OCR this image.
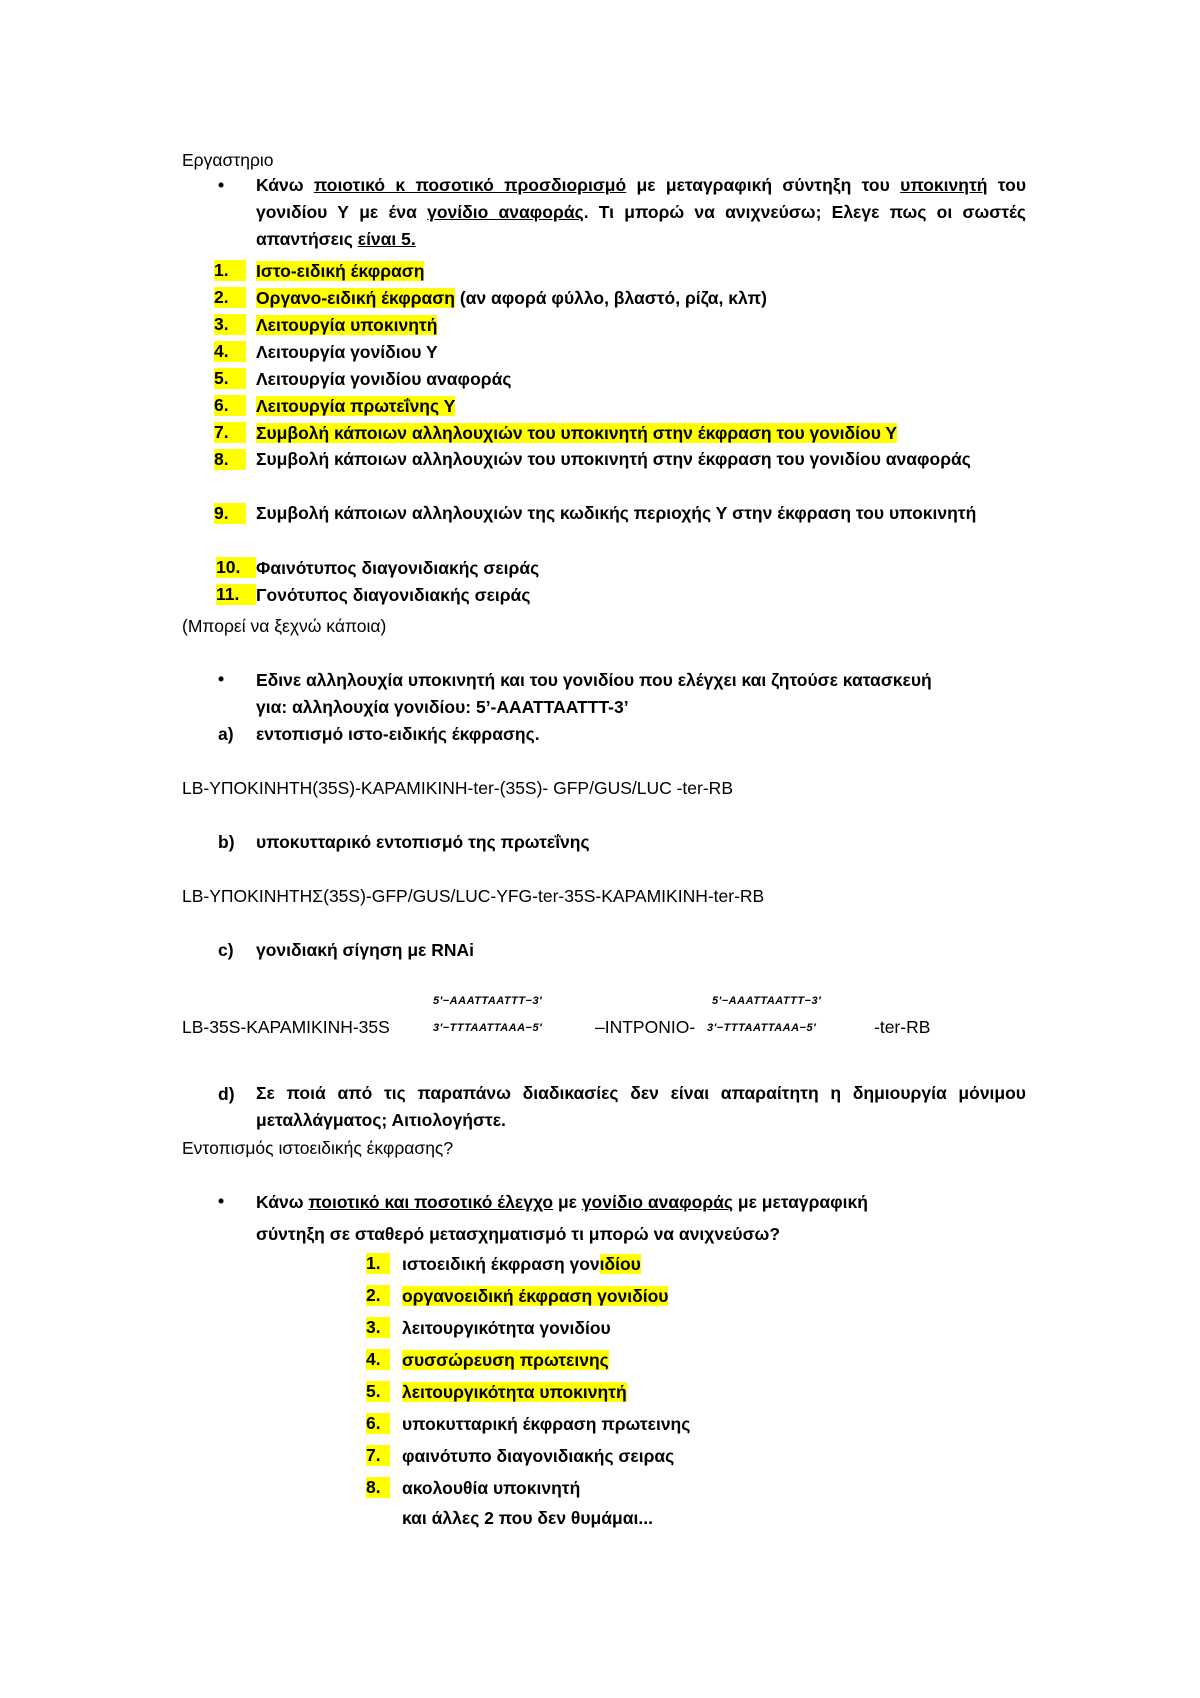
Εργαστηριο
• Κάνω ποιοτικό κ ποσοτικό προσδιορισμό με μεταγραφική σύντηξη του υποκινητή του γονιδίου Υ με ένα γονίδιο αναφοράς. Τι μπορώ να ανιχνεύσω; Ελεγε πως οι σωστές απαντήσεις είναι 5.
1.	Ιστο-ειδική έκφραση
2.	Οργανο-ειδική έκφραση (αν αφορά φύλλο, βλαστό, ρίζα, κλπ)
3.	Λειτουργία υποκινητή
4.	Λειτουργία γονίδιου Υ
5.	Λειτουργία γονιδίου αναφοράς
6.	Λειτουργία πρωτεΐνης Υ
7.	Συμβολή κάποιων αλληλουχιών του υποκινητή στην έκφραση του γονιδίου Υ
8.	Συμβολή κάποιων αλληλουχιών του υποκινητή στην έκφραση του γονιδίου αναφοράς
9.	Συμβολή κάποιων αλληλουχιών της κωδικής περιοχής Υ στην έκφραση του υποκινητή
10. Φαινότυπος διαγονιδιακής σειράς
11. Γονότυπος διαγονιδιακής σειράς
(Μπορεί να ξεχνώ κάποια)
• Εδινε αλληλουχία υποκινητή και του γονιδίου που ελέγχει και ζητούσε κατασκευή
για: αλληλουχία γονιδίου: 5’-AAATTAATTT-3’
a) εντοπισμό ιστο-ειδικής έκφρασης.
LB-ΥΠΟΚΙΝΗΤΗ(35S)-ΚΑΡΑΜΙΚΙΝΗ-ter-(35S)- GFP/GUS/LUC -ter-RB
b) υποκυτταρικό εντοπισμό της πρωτεΐνης
LB-ΥΠΟΚΙΝΗΤΗΣ(35S)-GFP/GUS/LUC-YFG-ter-35S-ΚΑΡΑΜΙΚΙΝΗ-ter-RB
c) γονιδιακή σίγηση με RNAi
LB-35S-ΚΑΡΑΜΙΚΙΝΗ-35S
5′−AAATTAATTT−3′
3′−TTTAATTAAA−5′	–ΙΝΤΡΟΝΙΟ-
5′−AAATTAATTT−3′
3′−TTTAATTAAA−5′	-ter-RB
d) Σε ποιά από τις παραπάνω διαδικασίες δεν είναι απαραίτητη η δημιουργία μόνιμου μεταλλάγματος; Αιτιολογήστε.
Εντοπισμός ιστοειδικής έκφρασης?
• Κάνω ποιοτικό και ποσοτικό έλεγχο με γονίδιο αναφοράς με μεταγραφική
σύντηξη σε σταθερό μετασχηματισμό τι μπορώ να ανιχνεύσω?
1.	ιστοειδική έκφραση γονιδίου
2.	οργανοειδική έκφραση γονιδίου
3.	λειτουργικότητα γονιδίου
4.	συσσώρευση πρωτεινης
5.	λειτουργικότητα υποκινητή
6.	υποκυτταρική έκφραση πρωτεινης
7.	φαινότυπο διαγονιδιακής σειρας
8.	ακολουθία υποκινητή
και άλλες 2 που δεν θυμάμαι...
